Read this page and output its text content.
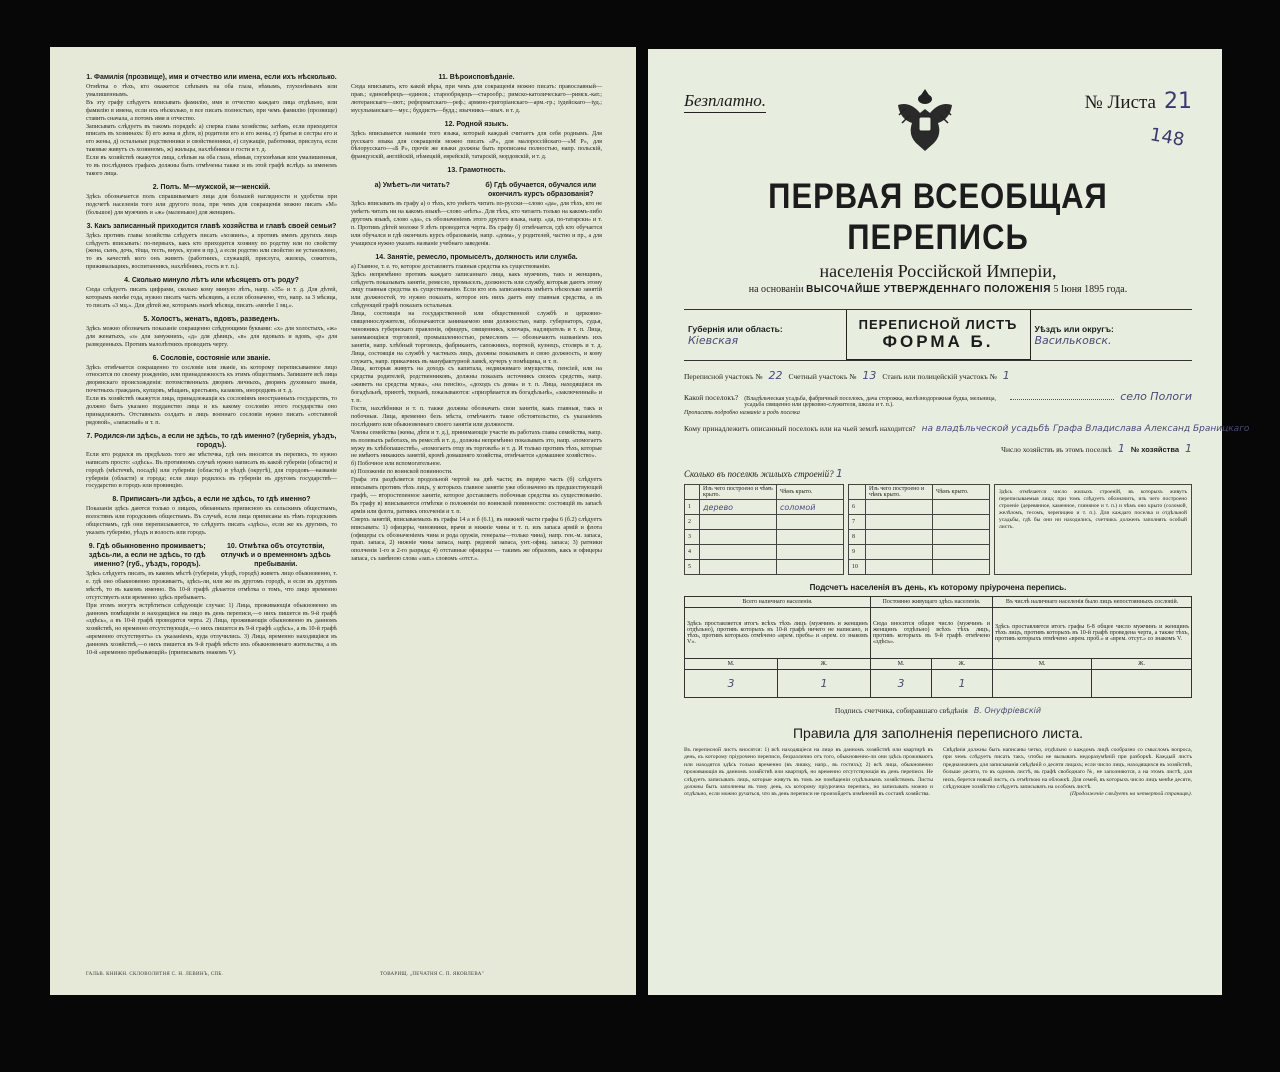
1. Фамилія (прозвище), имя и отчество или имена, если ихъ нѣсколько.

Отмѣтка о тѣхъ, кто окажется: слѣпымъ на оба глаза, нѣмымъ, глухонѣмымъ или умалишеннымъ.

Въ эту графу слѣдуетъ вписывать фамилію, имя и отчество каждаго лица отдѣльно, или фамилію в имена, если ихъ нѣсколько, в все писать полностью, при чемъ фамилію (прозвище) ставить сначала, а потомъ имя и отчество.

Записывать слѣдуетъ въ такомъ порядкѣ: а) сперва глава хозяйства; затѣмъ, если приходится вписать въ хозяинахъ: б) его жена и дѣти, в) родители его и его жены, г) братья и сестры его и его жены, д) остальные родственники и свойственники, е) служащіе, работники, прислуга, если таковые живутъ съ хозяиномъ, ж) жильцы, нахлѣбники и гости и т. д.

Если въ хозяйствѣ окажутся лица, слѣпыя на оба глаза, нѣмыя, глухонѣмыя или умалишенныя, то въ послѣднихъ графахъ должны быть отмѣчены также и въ этой графѣ вслѣдъ за именемъ такого лица.

2. Полъ. М—мужской, ж—женскій.

Здѣсь обозначается полъ спрашиваемаго лица для большей наглядности и удобства при подсчетѣ населенія того или другого пола, при чемъ для сокращенія можно писать «М» (большое) для мужчинъ и «ж» (маленькое) для женщинъ.

3. Какъ записанный приходится главѣ хозяйства и главѣ своей семьи?

Здѣсь противъ главы хозяйства слѣдуетъ писать «хозяинъ», а противъ именъ другихъ лицъ слѣдуетъ вписывать: по-первыхъ, какъ кто приходится хозяину по родству или по свойству (жена, сынъ, дочь, тёща, тесть, внукъ, кузен и пр.), а если родство или свойство не установлено, то въ качествѣ кого онъ живетъ (работникъ, служащій, прислуга, жилецъ, сожитель, приживальщикъ, воспитанникъ, нахлѣбникъ, гость и т. п.).

4. Сколько минуло лѣтъ или мѣсяцевъ отъ роду?

Сюда слѣдуетъ писать цифрами, сколько кому минуло лѣтъ, напр. «35» и т. д. Для дѣтей, которымъ менѣе года, нужно писать часть мѣсяцевъ, а если обозначено, что, напр. за 3 мѣсяца, то писать «3 мц.». Для дѣтей же, которымъ нынѣ мѣсяца, писать «менѣе 1 мц.».

5. Холостъ, женатъ, вдовъ, разведенъ.

Здѣсь можно обозначать показаніе сокращенно слѣдующими буквами: «х» для холостыхъ, «ж» для женатыхъ, «з» для замужнихъ, «д» для дѣвицъ, «в» для вдовыхъ и вдовъ, «р» для разведенныхъ. Противъ малолѣтнихъ проводить черту.

6. Сословіе, состояніе или званіе.

Здѣсь отмѣчается сокращенно то сословіе или званіе, къ которому переписываемое лицо относится по своему рожденію, или принадлежность къ этимъ обществамъ. Запишите всѣ лица дворянскаго происхожденія: потомственныхъ дворянъ личныхъ, дворянъ духовнаго званія, почетныхъ гражданъ, купцовъ, мѣщанъ, крестьянъ, казаковъ, инородцевъ и т. д.

Если въ хозяйствѣ окажутся лица, принадлежащія къ сословіямъ иностранныхъ государствъ, то должно быть указано подданство лица и къ какому сословію этого государства оно принадлежитъ. Отставныхъ солдатъ и лицъ военнаго сословія нужно писать «отставной рядовой», «запасный» и т. п.

7. Родился-ли здѣсь, а если не здѣсь, то гдѣ именно? (губернія, уѣздъ, городъ).

Если кто родился въ предѣлахъ того же мѣстечка, гдѣ онъ вносится въ перепись, то нужно написать просто: «здѣсь». Въ противномъ случаѣ нужно написать въ какой губерніи (области) и городѣ (мѣстечкѣ, посадѣ) или губерніи (области) и уѣздѣ (округѣ), для городовъ—названіе губерніи (области) и города; если лицо родилось въ губерніи въ другомъ государствѣ—государство и городъ или провинцію.

8. Приписанъ-ли здѣсь, а если не здѣсь, то гдѣ именно?

Показанія здѣсь даются только о лицахъ, обязанныхъ приписною къ сельскимъ обществамъ, волостямъ или городскимъ обществамъ. Въ случаѣ, если лица приписаны къ тѣмъ городскимъ обществамъ, гдѣ они переписываются, то слѣдуетъ писать «здѣсь», если же къ другимъ, то указать губернію, уѣздъ и волость или городъ.

9. Гдѣ обыкновенно проживаетъ; здѣсь-ли, а если не здѣсь, то гдѣ именно? (губ., уѣздъ, городъ).
10. Отмѣтка объ отсутствіи, отлучкѣ и о временномъ здѣсь пребываніи.

Здѣсь слѣдуетъ писать, въ какомъ мѣстѣ (губерніи, уѣздѣ, городѣ) живетъ лицо обыкновенно, т. е. гдѣ оно обыкновенно проживаетъ, здѣсь-ли, или же въ другомъ городѣ, и если въ другомъ мѣстѣ, то въ какомъ именно. Въ 10-й графѣ дѣлается отмѣтка о томъ, что лицо временно отсутствуетъ или временно здѣсь пребываетъ.

При этомъ могутъ встрѣтиться слѣдующіе случаи: 1) Лица, проживающія обыкновенно въ данномъ помѣщеніи и находящіяся на лицо въ день переписи,—о нихъ пишется въ 9-й графѣ «здѣсь», а въ 10-й графѣ проводится черта. 2) Лица, проживающія обыкновенно въ данномъ хозяйствѣ, но временно отсутствующія,—о нихъ пишется въ 9-й графѣ «здѣсь», а въ 10-й графѣ «временно отсутствуетъ» съ указаніемъ, куда отлучились. 3) Лица, временно находящіяся въ данномъ хозяйствѣ,—о нихъ пишется въ 9-й графѣ мѣсто ихъ обыкновеннаго жительства, а въ 10-й «временно пребывающій» (приписывать знакомъ V).

11. Вѣроисповѣданіе.

Сюда вписывать, кто какой вѣры, при чемъ для сокращенія можно писать: православный—прав.; единовѣрецъ—единов.; старообрядецъ—старообр.; римско-католическаго—римск.-кат.; лютеранскаго—лют.; реформатскаго—реф.; армяно-григоріанскаго—арм.-гр.; іудейскаго—іуд.; мусульманскаго—мус.; буддистъ—будд.; язычникъ—языч. и т. д.

12. Родной языкъ.

Здѣсь вписывается названіе того языка, который каждый считаетъ для себя роднымъ. Для русскаго языка для сокращенія можно писать «Р», для малороссійскаго—«М Р», для бѣлорусскаго—«Б Р», прочіе же языки должны быть прописаны полностью, напр. польскій, французскій, англійскій, нѣмецкій, еврейскій, татарскій, мордовскій, и т. д.

13. Грамотность.
а) Умѣетъ-ли читать?	б) Гдѣ обучается, обучался или окончилъ курсъ образованія?

Здѣсь вписывать въ графу а) о тѣхъ, кто умѣетъ читать по-русски—слово «да», для тѣхъ, кто не умѣетъ читать ни на какомъ языкѣ—слово «нѣтъ». Для тѣхъ, кто читаетъ только на какомъ-либо другомъ языкѣ, слово «да», съ обозначеніемъ этого другого языка, напр. «да, по-татарски» и т. п. Противъ дѣтей моложе 9 лѣтъ проводится черта. Въ графу б) отмѣчается, гдѣ кто обучается или обучался и гдѣ окончилъ курсъ образованія, напр. «дома», у родителей, частно и пр., а для учащихся нужно указать названіе учебнаго заведенія.

14. Занятіе, ремесло, промыселъ, должность или служба.

а) Главное, т. е. то, которое доставляетъ главныя средства къ существованію.

Здѣсь непремѣнно противъ каждаго записаннаго лица, какъ мужчинъ, такъ и женщинъ, слѣдуетъ показывать занятіе, ремесло, промыселъ, должность или службу, которыя даютъ этому лицу главныя средства къ существованію. Если кто изъ записанныхъ имѣетъ нѣсколько занятій или должностей, то нужно показать, которое изъ нихъ даетъ ему главныя средства, а въ слѣдующей графѣ показать остальныя.

Лица, состоящія на государственной или общественной службѣ и церковно-священнослужители, обозначаются занимаемою ими должностью, напр. губернаторъ, судья, чиновникъ губернскаго правленія, офицеръ, священникъ, ключарь, надзиратель и т. п. Лица, занимающіяся торговлей, промышленностью, ремесломъ — обозначаютъ названіемъ ихъ занятія, напр. хлѣбный торговецъ, фабрикантъ, сапожникъ, портной, кузнецъ, столяръ и т. д. Лица, состоящія на службѣ у частныхъ лицъ, должны показывать и свою должность, и кому служатъ, напр. приказчикъ въ мануфактурной лавкѣ, кучеръ у помѣщика, и т. п.

Лица, которыя живутъ на доходъ съ капитала, недвижимаго имущества, пенсіей, или на средства родителей, родственниковъ, должны показать источникъ своихъ средствъ, напр. «живетъ на средства мужа», «на пенсію», «доходъ съ дома» и т. п. Лица, находящіяся въ богадѣльнѣ, приютѣ, тюрьмѣ, показываются: «призрѣвается въ богадѣльнѣ», «заключенный» и т. п.

Гости, нахлѣбники и т. п. также должны обозначать свои занятія, какъ главныя, такъ и побочныя. Лица, временно безъ мѣста, отмѣчаютъ такое обстоятельство, съ указаніемъ послѣдняго или обыкновеннаго своего занятія или должности.

Члены семейства (жены, дѣти и т. д.), принимающіе участіе въ работахъ главы семейства, напр. въ полевыхъ работахъ, въ ремеслѣ и т. д., должны непремѣнно показывать это, напр. «помогаетъ мужу въ хлѣбопашествѣ», «помогаетъ отцу въ торговлѣ» и т. д. И только противъ тѣхъ, которые не имѣютъ никакихъ занятій, кромѣ домашняго хозяйства, отмѣчается «домашнее хозяйство».

б) Побочное или вспомогательное.

в) Положеніе по воинской повинности.

Графа эта раздѣляется продольной чертой на двѣ части; въ первую часть (б) слѣдуетъ вписывать противъ тѣхъ лицъ, у которыхъ главное занятіе уже обозначено въ предшествующей графѣ, — второстепенное занятіе, которое доставляетъ побочныя средства къ существованію. Въ графу в) вписываются отмѣтки о положеніи по воинской повинности: состоящій въ запасѣ арміи или флота, ратникъ ополченія и т. п.

Сверхъ занятій, вписываемыхъ въ графы 14 а и б (6.1), въ нижней части графы 6 (б.2) слѣдуетъ вписывать: 1) офицеры, чиновники, врачи и нижніе чины и т. п. изъ запаса армій и флота (офицеры съ обозначеніемъ чина и рода оружія, генералы—только чина), напр. ген.-м. запаса, прап. запаса, 2) нижніе чины запаса, напр. рядовой запаса, унт.-офиц. запаса; 3) ратники ополченія 1-го и 2-го разряда; 4) отставные офицеры — такимъ же образомъ, какъ и офицеры запаса, съ замѣною слова «зап.» словомъ «отст.».

ГАЛЬВ. КНИЖН. СКЛОВОЛИТНЯ С. Н. ЛЕВИНЪ, СПБ.	ТОВАРИЩ. „ПЕЧАТНЯ С. П. ЯКОВЛЕВА"
148
Безплатно.	№ Листа 21
ПЕРВАЯ ВСЕОБЩАЯ ПЕРЕПИСЬ
населенія Россійской Имперіи,
на основаніи ВЫСОЧАЙШЕ УТВЕРЖДЕННАГО ПОЛОЖЕНІЯ 5 Іюня 1895 года.
Губернія или область:
Кіевская
ПЕРЕПИСНОЙ ЛИСТЪ
ФОРМА Б.
Уѣздъ или округъ:
Васильковск.
Переписной участокъ № 22 Счетный участокъ № 13 Станъ или полицейскій участокъ № 1
Какой поселокъ? (Владѣльческая усадьба, фабричный поселокъ, дача сторожка, желѣзнодорожная будка, мельница, усадьба священно или церковно-служителя, школа и т. п.).
село Пологи
Прописать подробно названіе и родъ поселка
Кому принадлежитъ описанный поселокъ или на чьей землѣ находится? на владѣльческой усадьбѣ Графа Владислава Александ Браницкаго
Число хозяйствъ въ этомъ поселкѣ 1 № хозяйства 1
Сколько въ поселкѣ жилыхъ строеній? 1
	Изъ чего построено и чѣмъ крыто.	Чѣмъ крыто.
1	дерево	соломой
2		
3		
4		
5		
	Изъ чего построено и чѣмъ крыто.	Чѣмъ крыто.
6		
7		
8		
9		
10		
Здѣсь отмѣчается число жилыхъ строеній, въ которыхъ живутъ переписываемыя лица; при томъ слѣдуетъ обозначить, изъ чего построено строеніе (деревянное, каменное, глиняное и т. п.) и чѣмъ оно крыто (соломой, желѣзомъ, тесомъ, черепицею и т. п.). Для каждаго поселка и отдѣльной усадьбы, гдѣ бы они ни находились, счетчикъ долженъ заполнять особый листъ.
Подсчетъ населенія въ день, къ которому пріурочена перепись.
Всего наличнаго населенія.		Постоянно живущаго здѣсь населенія.		Въ числѣ наличнаго населенія было лицъ непостоянныхъ сословій.	
Здѣсь проставляется итогъ всѣхъ тѣхъ лицъ (мужчинъ и женщинъ отдѣльно), противъ которыхъ въ 10-й графѣ ничего не написано, и тѣхъ, противъ которыхъ отмѣчено «врем. пребъ» и «врем. со знакомъ V».		Сюда вносится общее число (мужчинъ и женщинъ отдѣльно) всѣхъ тѣхъ лицъ, противъ которыхъ въ 9-й графѣ отмѣчено «здѣсь».		Здѣсь проставляется итогъ графы 6-8 общее число мужчинъ и женщинъ тѣхъ лицъ, противъ которыхъ въ 10-й графѣ проведена черта, а также тѣхъ, противъ которыхъ отмѣчено «врем. проб.» и «врем. отсут.» со знакомъ V.	
М.	Ж.	М.	Ж.	М.	Ж.
3	1	3	1		
Подпись счетчика, собиравшаго свѣдѣнія В. Онуфріевскій
Правила для заполненія переписного листа.

Въ переписной листъ вносятся: 1) всѣ находящіеся на лицо въ данномъ хозяйствѣ или квартирѣ въ день, къ которому пріурочено переписи, безразлично отъ того, обыкновенно-ли они здѣсь проживаютъ или находятся здѣсь только временно (въ лишку, напр., въ гостяхъ); 2) всѣ лица, обыкновенно проживающія въ данномъ хозяйствѣ или квартирѣ, но временно отсутствующія въ день переписи. Не слѣдуетъ записывать лицъ, которые живутъ въ томъ же помѣщеніи отдѣльнымъ хозяйствомъ. Листы должны быть заполнены въ тому день, къ которому пріурочена перепись, но записывать можно и отдѣльно, если можно ручаться, что въ день переписи не произойдетъ измѣненій въ составѣ хозяйства.

Свѣдѣнія должны быть написаны четко, отдѣльно о каждомъ лицѣ сообразно со смысломъ вопроса, при чемъ слѣдуетъ писать такъ, чтобы не вызывать недоразумѣній при разборкѣ. Каждый листъ предназначенъ для записыванія свѣдѣній о десяти лицахъ; если число лицъ, находящихся въ хозяйствѣ, больше десяти, то въ одномъ листѣ, въ графѣ свободнаго №, не заполняются, а на этомъ листѣ, для нихъ, берется новый листъ, съ отмѣткою на обложкѣ. Для семей, въ которыхъ число лицъ менѣе десяти, слѣдующее хозяйство слѣдуетъ записывать на особомъ листѣ.

(Продолженіе слѣдуетъ на четвертой страницѣ).
